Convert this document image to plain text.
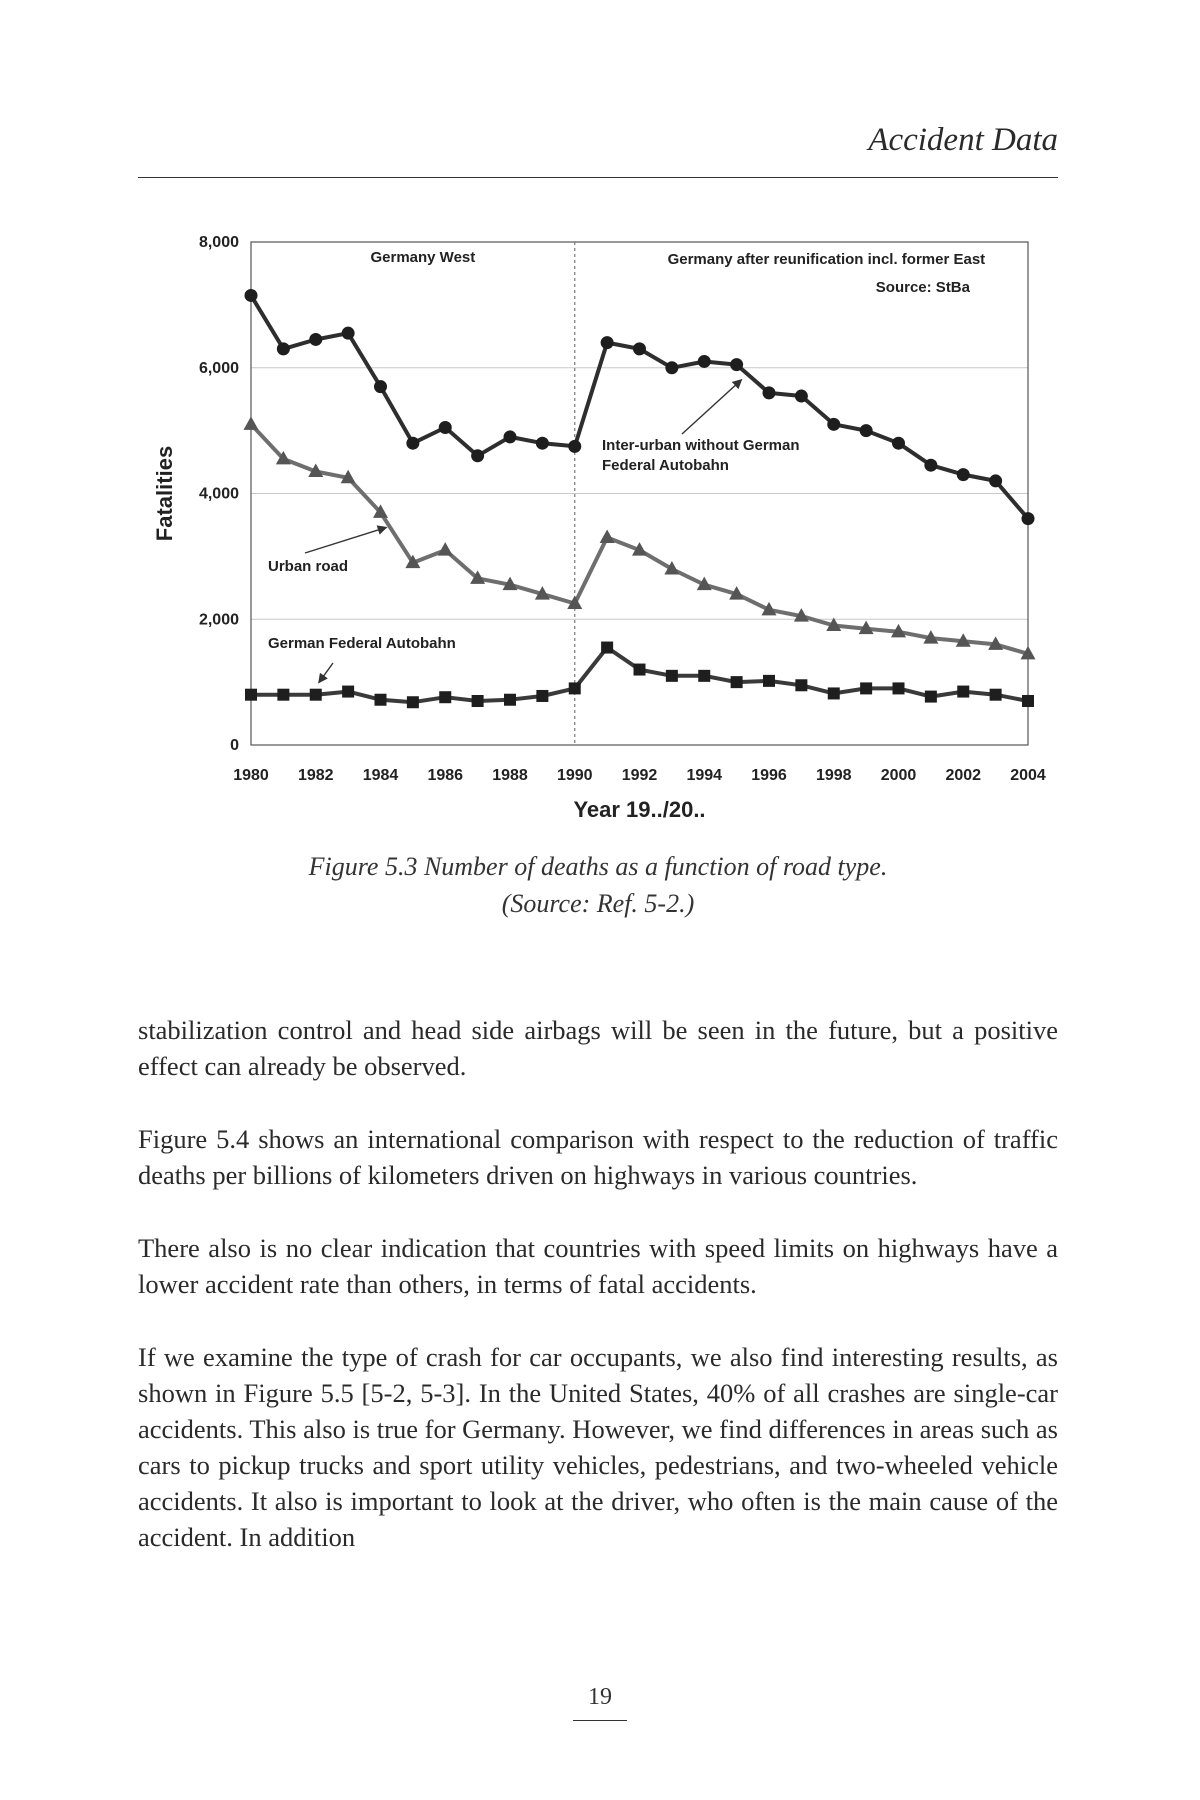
Accident Data
0
2,000
4,000
6,000
8,000
1980 1982 1984 1986 1988 1990 1992 1994 1996 1998 2000 2002 2004
Year 19../20..
Fatalities
Germany West	Germany after reunification incl. former East
Source: StBa
Urban road
German Federal Autobahn
Inter-urban without German
Federal Autobahn
Figure 5.3 Number of deaths as a function of road type.
(Source: Ref. 5-2.)

stabilization control and head side airbags will be seen in the future, but a positive effect can already be observed.

Figure 5.4 shows an international comparison with respect to the reduction of traffic deaths per billions of kilometers driven on highways in various countries.

There also is no clear indication that countries with speed limits on highways have a lower accident rate than others, in terms of fatal accidents.

If we examine the type of crash for car occupants, we also find interesting results, as shown in Figure 5.5 [5-2, 5-3]. In the United States, 40% of all crashes are single-car accidents. This also is true for Germany. However, we find differences in areas such as cars to pickup trucks and sport utility vehicles, pedestrians, and two-wheeled vehicle accidents. It also is important to look at the driver, who often is the main cause of the accident. In addition

19
